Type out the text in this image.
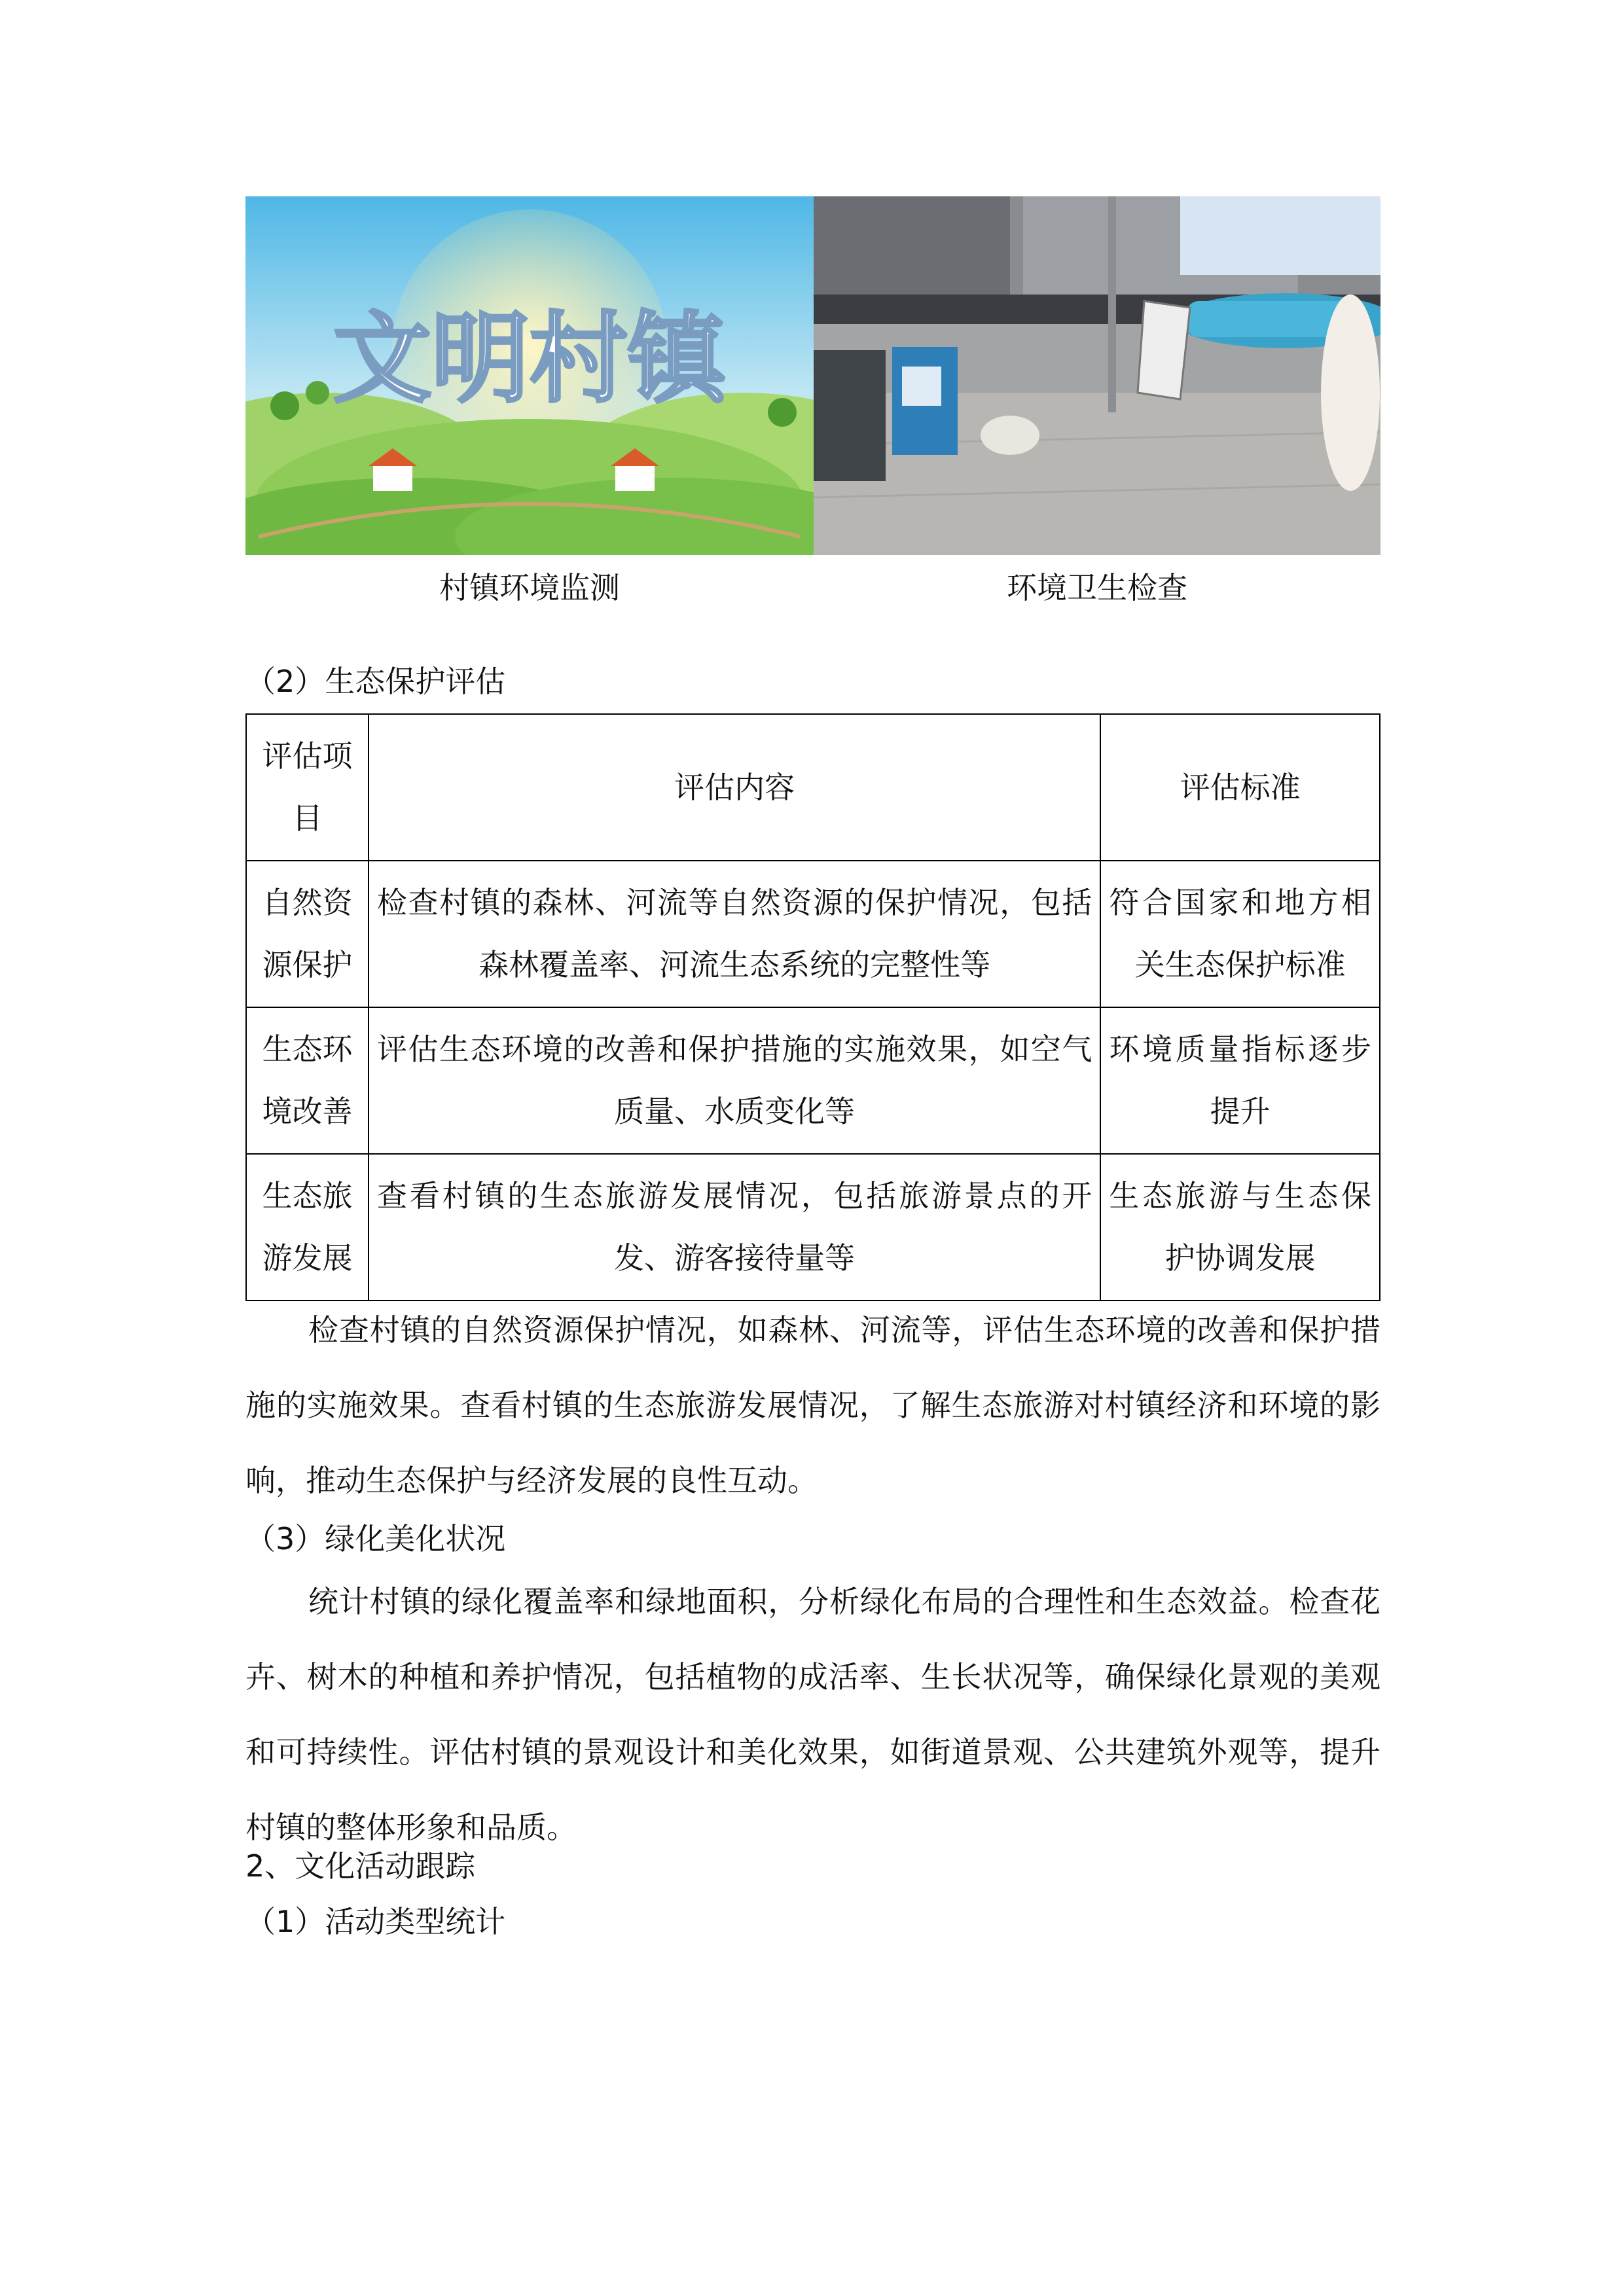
文明村镇
村镇环境监测	环境卫生检查
（2）生态保护评估
评估项目	评估内容	评估标准
自然资源保护	检查村镇的森林、河流等自然资源的保护情况，包括森林覆盖率、河流生态系统的完整性等	符合国家和地方相关生态保护标准

生态环境改善	评估生态环境的改善和保护措施的实施效果，如空气质量、水质变化等	环境质量指标逐步提升

生态旅游发展	查看村镇的生态旅游发展情况，包括旅游景点的开发、游客接待量等	生态旅游与生态保护协调发展
检查村镇的自然资源保护情况，如森林、河流等，评估生态环境的改善和保护措施的实施效果。查看村镇的生态旅游发展情况，了解生态旅游对村镇经济和环境的影响，推动生态保护与经济发展的良性互动。
（3）绿化美化状况
统计村镇的绿化覆盖率和绿地面积，分析绿化布局的合理性和生态效益。检查花卉、树木的种植和养护情况，包括植物的成活率、生长状况等，确保绿化景观的美观和可持续性。评估村镇的景观设计和美化效果，如街道景观、公共建筑外观等，提升村镇的整体形象和品质。
2、文化活动跟踪
（1）活动类型统计
